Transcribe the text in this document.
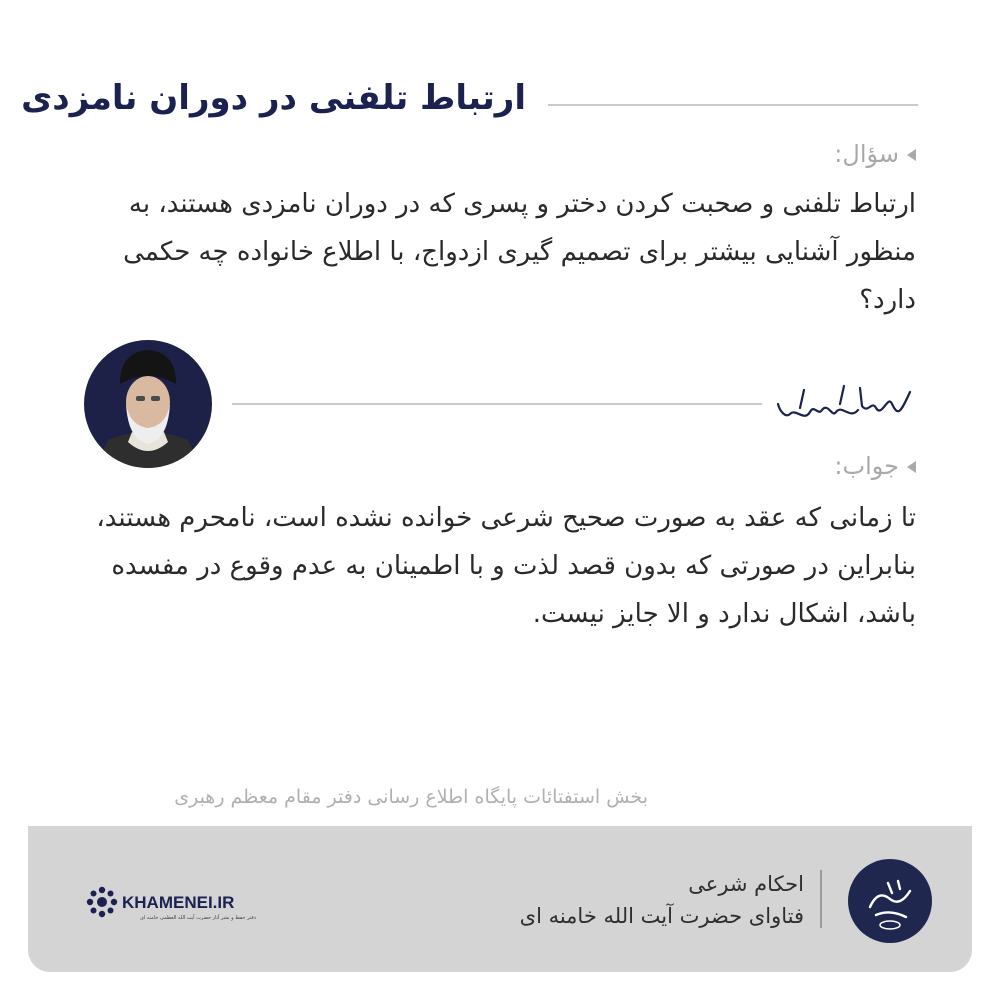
ارتباط تلفنی در دوران نامزدی
سؤال:
ارتباط تلفنی و صحبت کردن دختر و پسری که در دوران نامزدی هستند، به منظور آشنایی بیشتر برای تصمیم گیری ازدواج، با اطلاع خانواده چه حکمی دارد؟
جواب:
تا زمانی که عقد به صورت صحیح شرعی خوانده نشده است، نامحرم هستند، بنابراین در صورتی که بدون قصد لذت و با اطمینان به عدم وقوع در مفسده باشد، اشکال ندارد و الا جایز نیست.
بخش استفتائات پایگاه اطلاع رسانی دفتر مقام معظم رهبری
احکام شرعی
فتاوای حضرت آیت الله خامنه ای
KHAMENEI.IR
دفتر حفظ و نشر آثار حضرت آیت الله العظمی خامنه ای
